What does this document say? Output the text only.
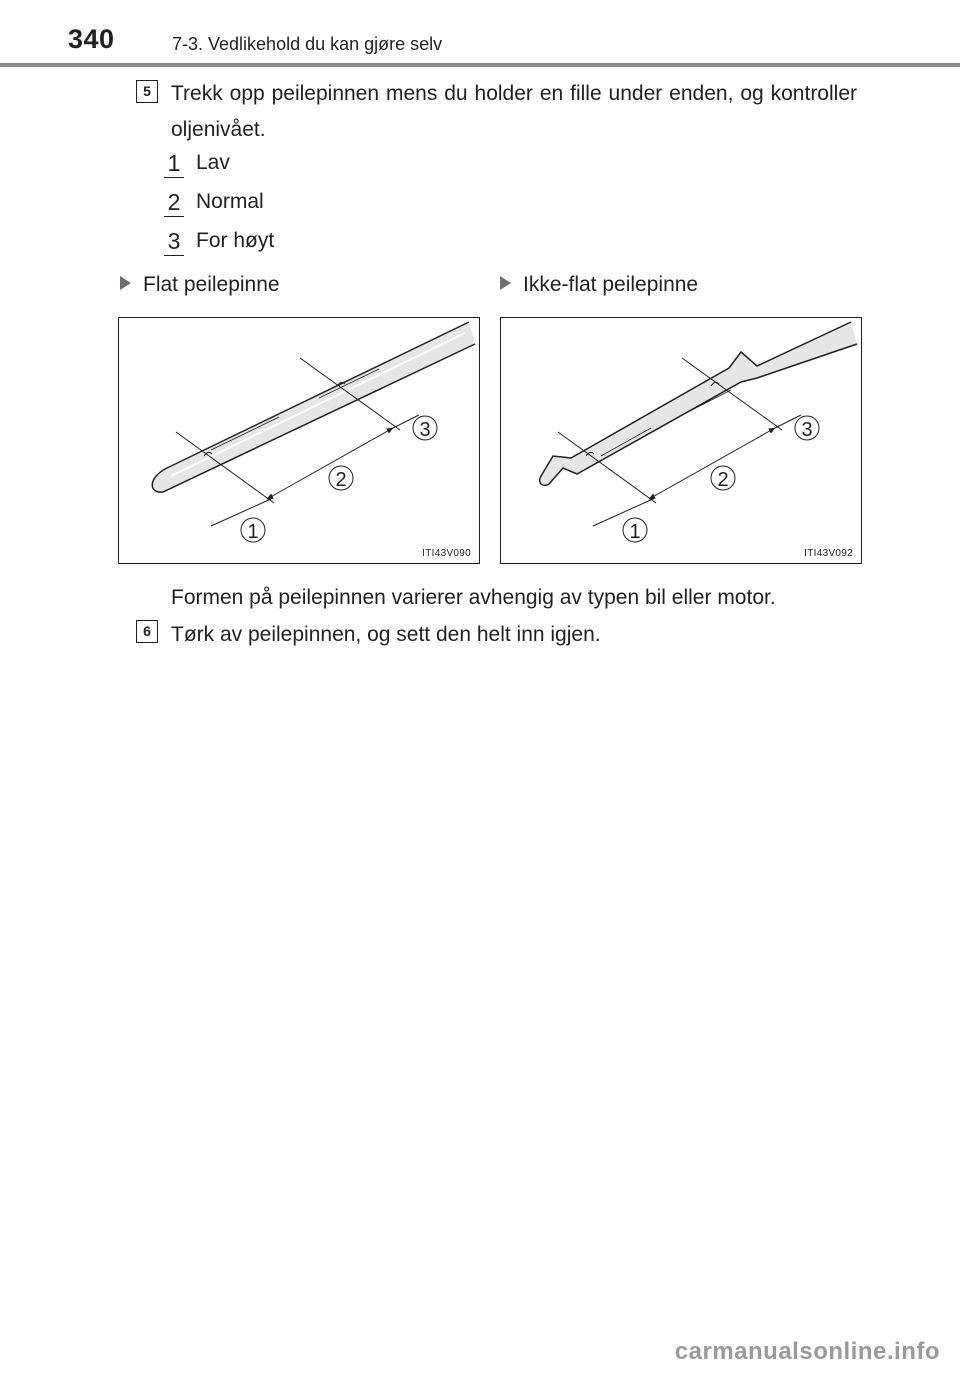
340	7-3. Vedlikehold du kan gjøre selv
5 Trekk opp peilepinnen mens du holder en fille under enden, og kontroller oljenivået.
1 Lav
2 Normal
3 For høyt
Flat peilepinne	Ikke-flat peilepinne
3
2
1
ITI43V090
3
2
1
ITI43V092
Formen på peilepinnen varierer avhengig av typen bil eller motor.
6 Tørk av peilepinnen, og sett den helt inn igjen.
carmanualsonline.info
